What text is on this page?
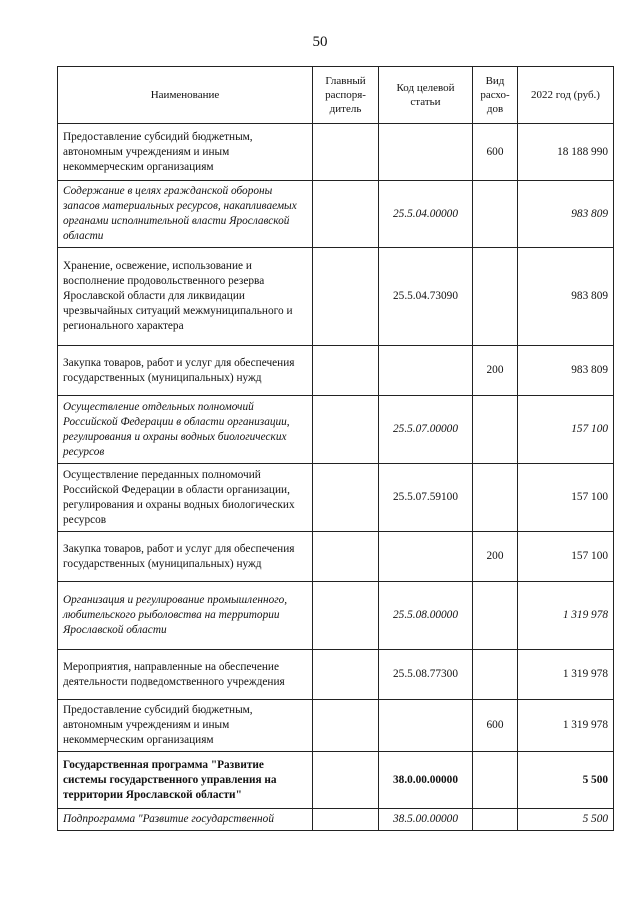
50
Наименование	Главный распоря-дитель	Код целевой статьи	Вид расхо-дов	2022 год (руб.)
Предоставление субсидий бюджетным, автономным учреждениям и иным некоммерческим организациям			600	18 188 990
Содержание в целях гражданской обороны запасов материальных ресурсов, накапливаемых органами исполнительной власти Ярославской области		25.5.04.00000		983 809
Хранение, освежение, использование и восполнение продовольственного резерва Ярославской области для ликвидации чрезвычайных ситуаций межмуниципального и регионального характера		25.5.04.73090		983 809
Закупка товаров, работ и услуг для обеспечения государственных (муниципальных) нужд			200	983 809
Осуществление отдельных полномочий Российской Федерации в области организации, регулирования и охраны водных биологических ресурсов		25.5.07.00000		157 100
Осуществление переданных полномочий Российской Федерации в области организации, регулирования и охраны водных биологических ресурсов		25.5.07.59100		157 100
Закупка товаров, работ и услуг для обеспечения государственных (муниципальных) нужд			200	157 100
Организация и регулирование промышленного, любительского рыболовства на территории Ярославской области		25.5.08.00000		1 319 978
Мероприятия, направленные на обеспечение деятельности подведомственного учреждения		25.5.08.77300		1 319 978
Предоставление субсидий бюджетным, автономным учреждениям и иным некоммерческим организациям			600	1 319 978
Государственная программа "Развитие системы государственного управления на территории Ярославской области"		38.0.00.00000		5 500
Подпрограмма "Развитие государственной		38.5.00.00000		5 500
